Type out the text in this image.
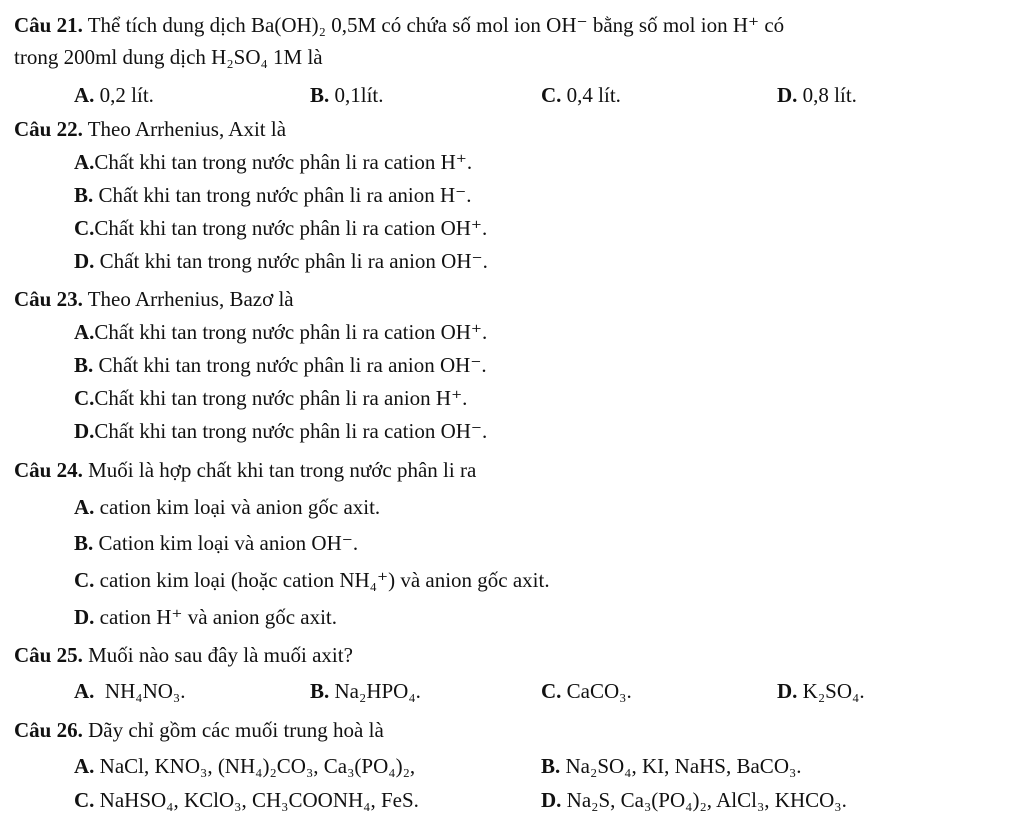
Câu 21. Thể tích dung dịch Ba(OH)₂ 0,5M có chứa số mol ion OH⁻ bằng số mol ion H⁺ có
trong 200ml dung dịch H₂SO₄ 1M là
A. 0,2 lít.	B. 0,1lít.	C. 0,4 lít.	D. 0,8 lít.
Câu 22. Theo Arrhenius, Axit là
A.Chất khi tan trong nước phân li ra cation H⁺.
B. Chất khi tan trong nước phân li ra anion H⁻.
C.Chất khi tan trong nước phân li ra cation OH⁺.
D. Chất khi tan trong nước phân li ra anion OH⁻.
Câu 23. Theo Arrhenius, Bazơ là
A.Chất khi tan trong nước phân li ra cation OH⁺.
B. Chất khi tan trong nước phân li ra anion OH⁻.
C.Chất khi tan trong nước phân li ra anion H⁺.
D.Chất khi tan trong nước phân li ra cation OH⁻.
Câu 24. Muối là hợp chất khi tan trong nước phân li ra
A. cation kim loại và anion gốc axit.
B. Cation kim loại và anion OH⁻.
C. cation kim loại (hoặc cation NH₄⁺) và anion gốc axit.
D. cation H⁺ và anion gốc axit.
Câu 25. Muối nào sau đây là muối axit?
A. NH₄NO₃.	B. Na₂HPO₄.	C. CaCO₃.	D. K₂SO₄.
Câu 26. Dãy chỉ gồm các muối trung hoà là
A. NaCl, KNO₃, (NH₄)₂CO₃, Ca₃(PO₄)₂,	B. Na₂SO₄, KI, NaHS, BaCO₃.
C. NaHSO₄, KClO₃, CH₃COONH₄, FeS.	D. Na₂S, Ca₃(PO₄)₂, AlCl₃, KHCO₃.
